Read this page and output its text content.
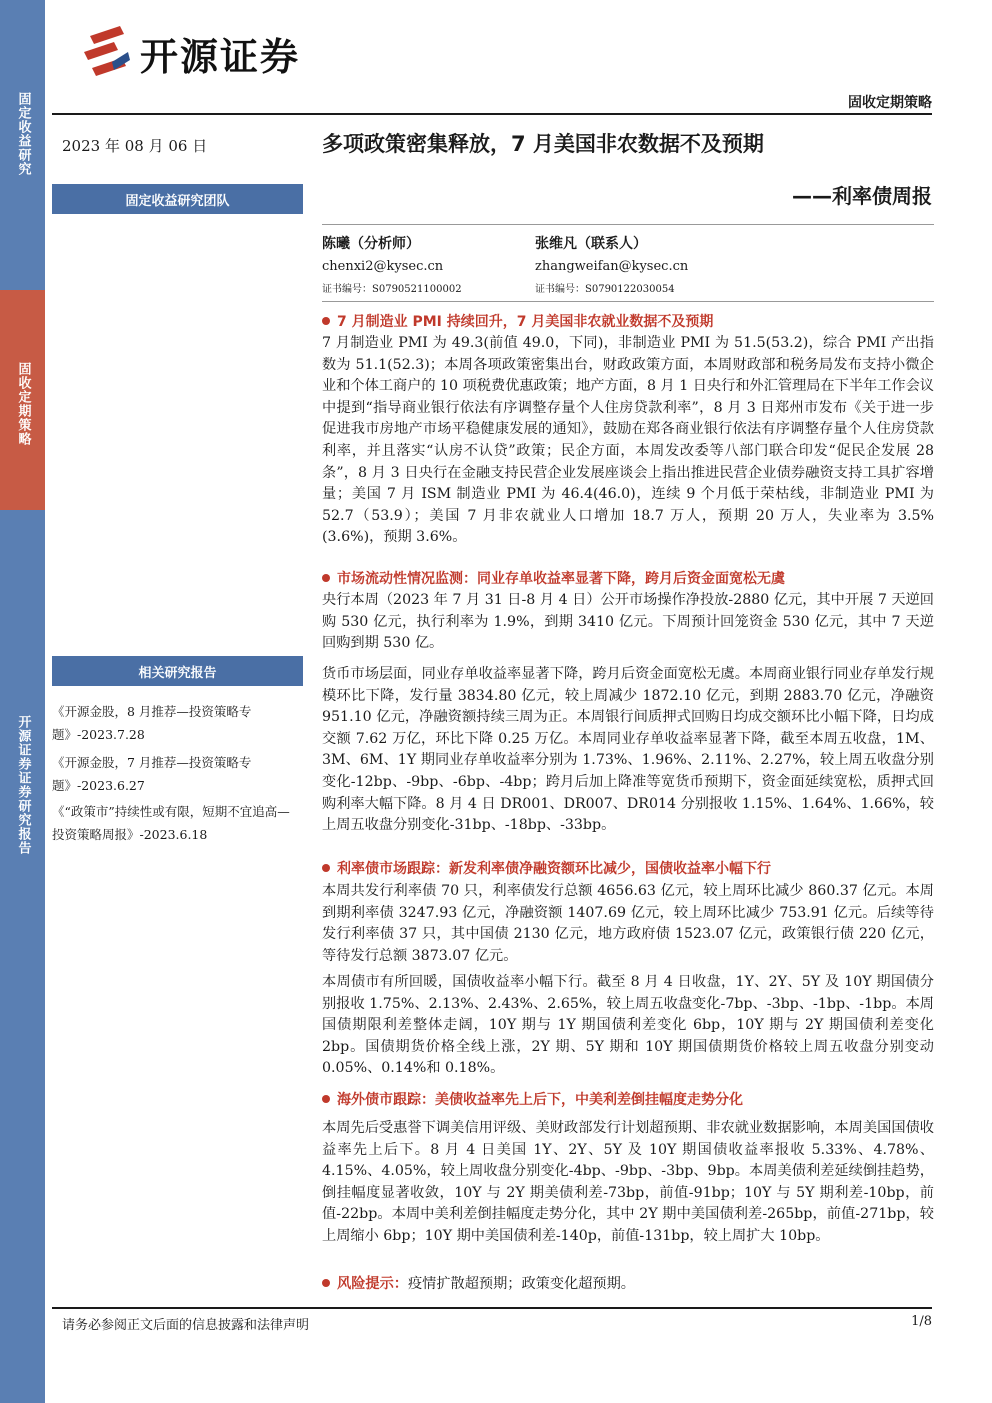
固定收益研究
固收定期策略
开源证券证券研究报告
开源证券
固收定期策略
2023 年 08 月 06 日	多项政策密集释放，7 月美国非农数据不及预期
——利率债周报
固定收益研究团队
陈曦（分析师）
chenxi2@kysec.cn
证书编号：S0790521100002
张维凡（联系人）
zhangweifan@kysec.cn
证书编号：S0790122030054
相关研究报告
《开源金股，8 月推荐—投资策略专题》-2023.7.28
《开源金股，7 月推荐—投资策略专题》-2023.6.27
《“政策市”持续性或有限，短期不宜追高—投资策略周报》-2023.6.18
7 月制造业 PMI 持续回升，7 月美国非农就业数据不及预期

7 月制造业 PMI 为 49.3(前值 49.0，下同)，非制造业 PMI 为 51.5(53.2)，综合 PMI 产出指数为 51.1(52.3)；本周各项政策密集出台，财政政策方面，本周财政部和税务局发布支持小微企业和个体工商户的 10 项税费优惠政策；地产方面，8 月 1 日央行和外汇管理局在下半年工作会议中提到“指导商业银行依法有序调整存量个人住房贷款利率”，8 月 3 日郑州市发布《关于进一步促进我市房地产市场平稳健康发展的通知》，鼓励在郑各商业银行依法有序调整存量个人住房贷款利率，并且落实“认房不认贷”政策；民企方面，本周发改委等八部门联合印发“促民企发展 28 条”，8 月 3 日央行在金融支持民营企业发展座谈会上指出推进民营企业债券融资支持工具扩容增量；美国 7 月 ISM 制造业 PMI 为 46.4(46.0)，连续 9 个月低于荣枯线，非制造业 PMI 为 52.7（53.9）；美国 7 月非农就业人口增加 18.7 万人，预期 20 万人，失业率为 3.5%(3.6%)，预期 3.6%。

市场流动性情况监测：同业存单收益率显著下降，跨月后资金面宽松无虞

央行本周（2023 年 7 月 31 日-8 月 4 日）公开市场操作净投放-2880 亿元，其中开展 7 天逆回购 530 亿元，执行利率为 1.9%，到期 3410 亿元。下周预计回笼资金 530 亿元，其中 7 天逆回购到期 530 亿。

货币市场层面，同业存单收益率显著下降，跨月后资金面宽松无虞。本周商业银行同业存单发行规模环比下降，发行量 3834.80 亿元，较上周减少 1872.10 亿元，到期 2883.70 亿元，净融资 951.10 亿元，净融资额持续三周为正。本周银行间质押式回购日均成交额环比小幅下降，日均成交额 7.62 万亿，环比下降 0.25 万亿。本周同业存单收益率显著下降，截至本周五收盘，1M、3M、6M、1Y 期同业存单收益率分别为 1.73%、1.96%、2.11%、2.27%，较上周五收盘分别变化-12bp、-9bp、-6bp、-4bp；跨月后加上降准等宽货币预期下，资金面延续宽松，质押式回购利率大幅下降。8 月 4 日 DR001、DR007、DR014 分别报收 1.15%、1.64%、1.66%，较上周五收盘分别变化-31bp、-18bp、-33bp。

利率债市场跟踪：新发利率债净融资额环比减少，国债收益率小幅下行

本周共发行利率债 70 只，利率债发行总额 4656.63 亿元，较上周环比减少 860.37 亿元。本周到期利率债 3247.93 亿元，净融资额 1407.69 亿元，较上周环比减少 753.91 亿元。后续等待发行利率债 37 只，其中国债 2130 亿元，地方政府债 1523.07 亿元，政策银行债 220 亿元，等待发行总额 3873.07 亿元。

本周债市有所回暖，国债收益率小幅下行。截至 8 月 4 日收盘，1Y、2Y、5Y 及 10Y 期国债分别报收 1.75%、2.13%、2.43%、2.65%，较上周五收盘变化-7bp、-3bp、-1bp、-1bp。本周国债期限利差整体走阔，10Y 期与 1Y 期国债利差变化 6bp，10Y 期与 2Y 期国债利差变化 2bp。国债期货价格全线上涨，2Y 期、5Y 期和 10Y 期国债期货价格较上周五收盘分别变动 0.05%、0.14%和 0.18%。

海外债市跟踪：美债收益率先上后下，中美利差倒挂幅度走势分化

本周先后受惠誉下调美信用评级、美财政部发行计划超预期、非农就业数据影响，本周美国国债收益率先上后下。8 月 4 日美国 1Y、2Y、5Y 及 10Y 期国债收益率报收 5.33%、4.78%、4.15%、4.05%，较上周收盘分别变化-4bp、-9bp、-3bp、9bp。本周美债利差延续倒挂趋势，倒挂幅度显著收敛，10Y 与 2Y 期美债利差-73bp，前值-91bp；10Y 与 5Y 期利差-10bp，前值-22bp。本周中美利差倒挂幅度走势分化，其中 2Y 期中美国债利差-265bp，前值-271bp，较上周缩小 6bp；10Y 期中美国债利差-140p，前值-131bp，较上周扩大 10bp。

风险提示：疫情扩散超预期；政策变化超预期。
请务必参阅正文后面的信息披露和法律声明	1/8
